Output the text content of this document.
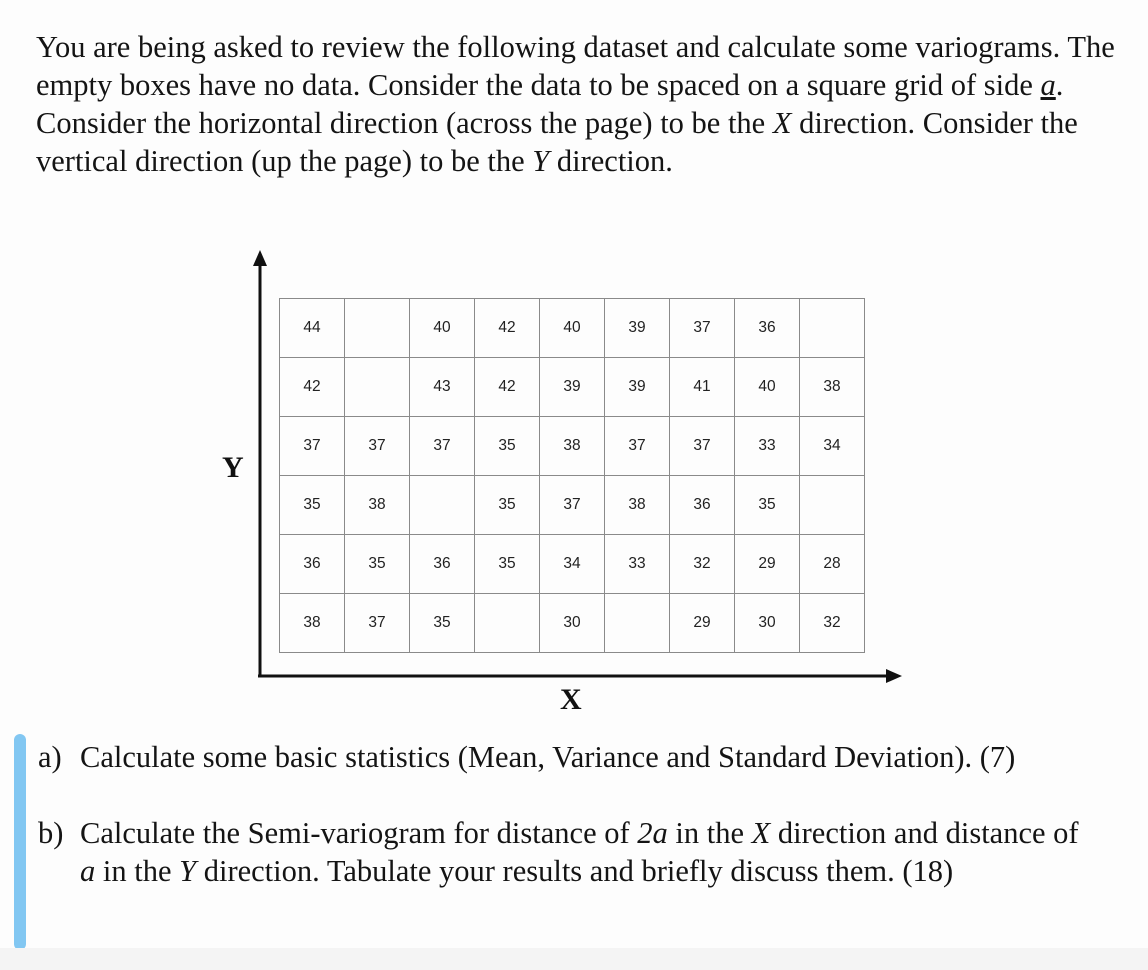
You are being asked to review the following dataset and calculate some variograms. The empty boxes have no data. Consider the data to be spaced on a square grid of side a. Consider the horizontal direction (across the page) to be the X direction. Consider the vertical direction (up the page) to be the Y direction.

44		40	42	40	39	37	36	
42		43	42	39	39	41	40	38
37	37	37	35	38	37	37	33	34
35	38		35	37	38	36	35	
36	35	36	35	34	33	32	29	28
38	37	35		30		29	30	32
Y
X

a) Calculate some basic statistics (Mean, Variance and Standard Deviation). (7)

b) Calculate the Semi-variogram for distance of 2a in the X direction and distance of a in the Y direction. Tabulate your results and briefly discuss them. (18)
